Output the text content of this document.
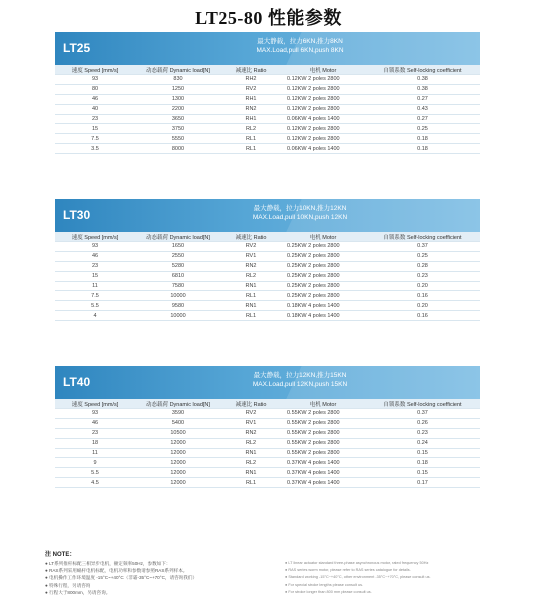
LT25-80 性能参数
LT25	最大静载，拉力6KN,推力8KN
MAX.Load,pull 6KN,push 8KN
速度 Speed [mm/s]	动态载荷 Dynamic load[N]	减速比 Ratio	电机 Motor	自锁系数 Self-locking coefficient
93	830	RH2	0.12KW 2 poles 2800	0.38
80	1250	RV2	0.12KW 2 poles 2800	0.38
46	1300	RH1	0.12KW 2 poles 2800	0.27
40	2200	RN2	0.12KW 2 poles 2800	0.43
23	3650	RH1	0.06KW 4 poles 1400	0.27
15	3750	RL2	0.12KW 2 poles 2800	0.25
7.5	5550	RL1	0.12KW 2 poles 2800	0.18
3.5	8000	RL1	0.06KW 4 poles 1400	0.18
LT30	最大静载，拉力10KN,推力12KN
MAX.Load,pull 10KN,push 12KN
速度 Speed [mm/s]	动态载荷 Dynamic load[N]	减速比 Ratio	电机 Motor	自锁系数 Self-locking coefficient
93	1650	RV2	0.25KW 2 poles 2800	0.37
46	2550	RV1	0.25KW 2 poles 2800	0.25
23	5280	RN2	0.25KW 2 poles 2800	0.28
15	6810	RL2	0.25KW 2 poles 2800	0.23
11	7580	RN1	0.25KW 2 poles 2800	0.20
7.5	10000	RL1	0.25KW 2 poles 2800	0.16
5.5	9580	RN1	0.18KW 4 poles 1400	0.20
4	10000	RL1	0.18KW 4 poles 1400	0.16
LT40	最大静载，拉力12KN,推力15KN
MAX.Load,pull 12KN,push 15KN
速度 Speed [mm/s]	动态载荷 Dynamic load[N]	减速比 Ratio	电机 Motor	自锁系数 Self-locking coefficient
93	3590	RV2	0.55KW 2 poles 2800	0.37
46	5400	RV1	0.55KW 2 poles 2800	0.26
23	10500	RN2	0.55KW 2 poles 2800	0.23
18	12000	RL2	0.55KW 2 poles 2800	0.24
11	12000	RN1	0.55KW 2 poles 2800	0.15
9	12000	RL2	0.37KW 4 poles 1400	0.18
5.5	12000	RN1	0.37KW 4 poles 1400	0.15
4.5	12000	RL1	0.37KW 4 poles 1400	0.17
注 NOTE：
● LT系列推杆标配三相异步电机，额定频率50Hz，参数如下：
● RAS系列采用蜗杆电机标配，电机功率和参数请参照RAS系列样本。
● 电机操作工作环境温度 -15°C~+40°C（非霜-35°C~+70°C，请咨询我们）
● 特殊行程，另请咨询
● 行程大于800mm，另请咨询。
● LT linear actuator standard three-phase asynchronous motor, rated frequency 50Hz
● RAS series worm motor, please refer to RAS series catalogue for details.
● Standard working -15°C~+40°C, other environment -35°C~+70°C, please consult us.
● For special stroke lengths please consult us.
● For stroke longer than 800 mm please consult us.
